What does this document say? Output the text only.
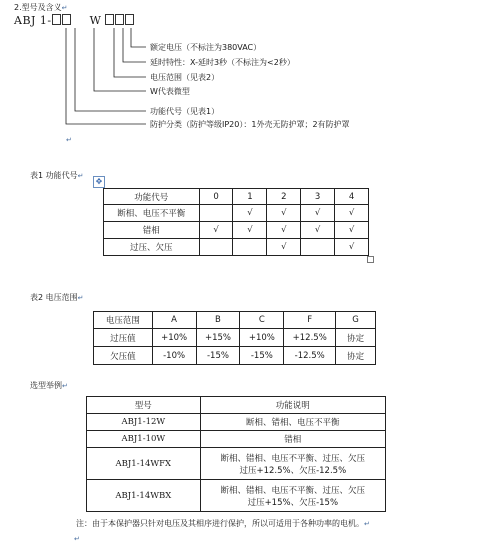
2.型号及含义↵
ABJ 1-	W
额定电压（不标注为380VAC）
延时特性：X-延时3秒（不标注为<2秒）
电压范围（见表2）
W代表微型
功能代号（见表1）
防护分类（防护等级IP20）：1外壳无防护罩；2有防护罩
↵
表1 功能代号↵
✥
功能代号	0	1	2	3	4
断相、电压不平衡		√	√	√	√
错相	√	√	√	√	√
过压、欠压			√		√
表2 电压范围↵
电压范围	A	B	C	F	G
过压值	+10%	+15%	+10%	+12.5%	协定
欠压值	-10%	-15%	-15%	-12.5%	协定
选型举例↵
型号	功能说明
ABJ1-12W	断相、错相、电压不平衡
ABJ1-10W	错相
ABJ1-14WFX	断相、错相、电压不平衡、过压、欠压
过压+12.5%、欠压-12.5%

ABJ1-14WBX	断相、错相、电压不平衡、过压、欠压
过压+15%、欠压-15%
注：由于本保护器只针对电压及其相序进行保护，所以可适用于各种功率的电机。↵
↵
